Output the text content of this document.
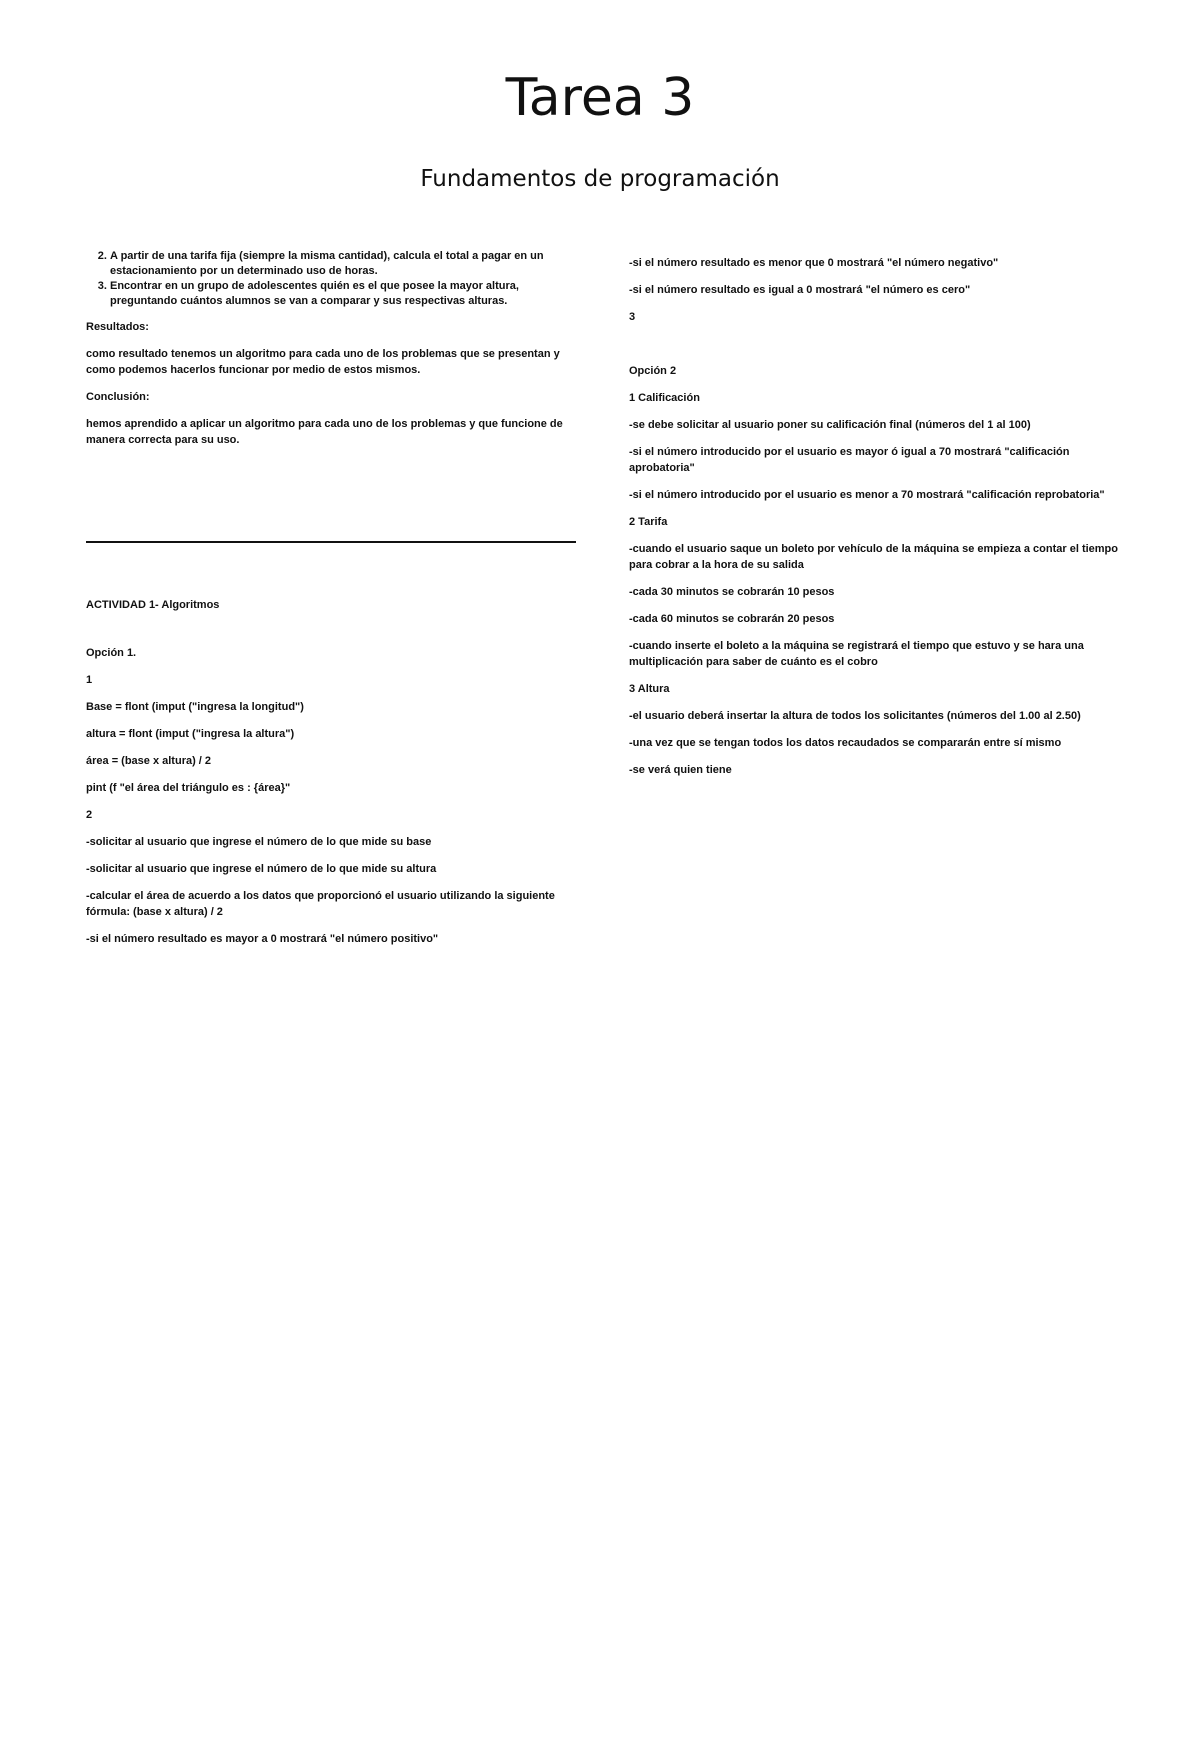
Tarea 3
Fundamentos de programación
2. A partir de una tarifa fija (siempre la misma cantidad), calcula el total a pagar en un estacionamiento por un determinado uso de horas.
3. Encontrar en un grupo de adolescentes quién es el que posee la mayor altura, preguntando cuántos alumnos se van a comparar y sus respectivas alturas.

Resultados:

como resultado tenemos un algoritmo para cada uno de los problemas que se presentan y como podemos hacerlos funcionar por medio de estos mismos.

Conclusión:

hemos aprendido a aplicar un algoritmo para cada uno de los problemas y que funcione de manera correcta para su uso.

ACTIVIDAD 1- Algoritmos

Opción 1.

1

Base = flont (imput ("ingresa la longitud")

altura = flont (imput ("ingresa la altura")

área = (base x altura) / 2

pint (f "el área del triángulo es : {área}"

2

-solicitar al usuario que ingrese el número de lo que mide su base

-solicitar al usuario que ingrese el número de lo que mide su altura

-calcular el área de acuerdo a los datos que proporcionó el usuario utilizando la siguiente fórmula: (base x altura) / 2

-si el número resultado es mayor a 0 mostrará "el número positivo"

-si el número resultado es menor que 0 mostrará "el número negativo"

-si el número resultado es igual a 0 mostrará "el número es cero"

3

Opción 2

1 Calificación

-se debe solicitar al usuario poner su calificación final (números del 1 al 100)

-si el número introducido por el usuario es mayor ó igual a 70 mostrará "calificación aprobatoria"

-si el número introducido por el usuario es menor a 70 mostrará "calificación reprobatoria"

2 Tarifa

-cuando el usuario saque un boleto por vehículo de la máquina se empieza a contar el tiempo para cobrar a la hora de su salida

-cada 30 minutos se cobrarán 10 pesos

-cada 60 minutos se cobrarán 20 pesos

-cuando inserte el boleto a la máquina se registrará el tiempo que estuvo y se hara una multiplicación para saber de cuánto es el cobro

3 Altura

-el usuario deberá insertar la altura de todos los solicitantes (números del 1.00 al 2.50)

-una vez que se tengan todos los datos recaudados se compararán entre sí mismo

-se verá quien tiene
